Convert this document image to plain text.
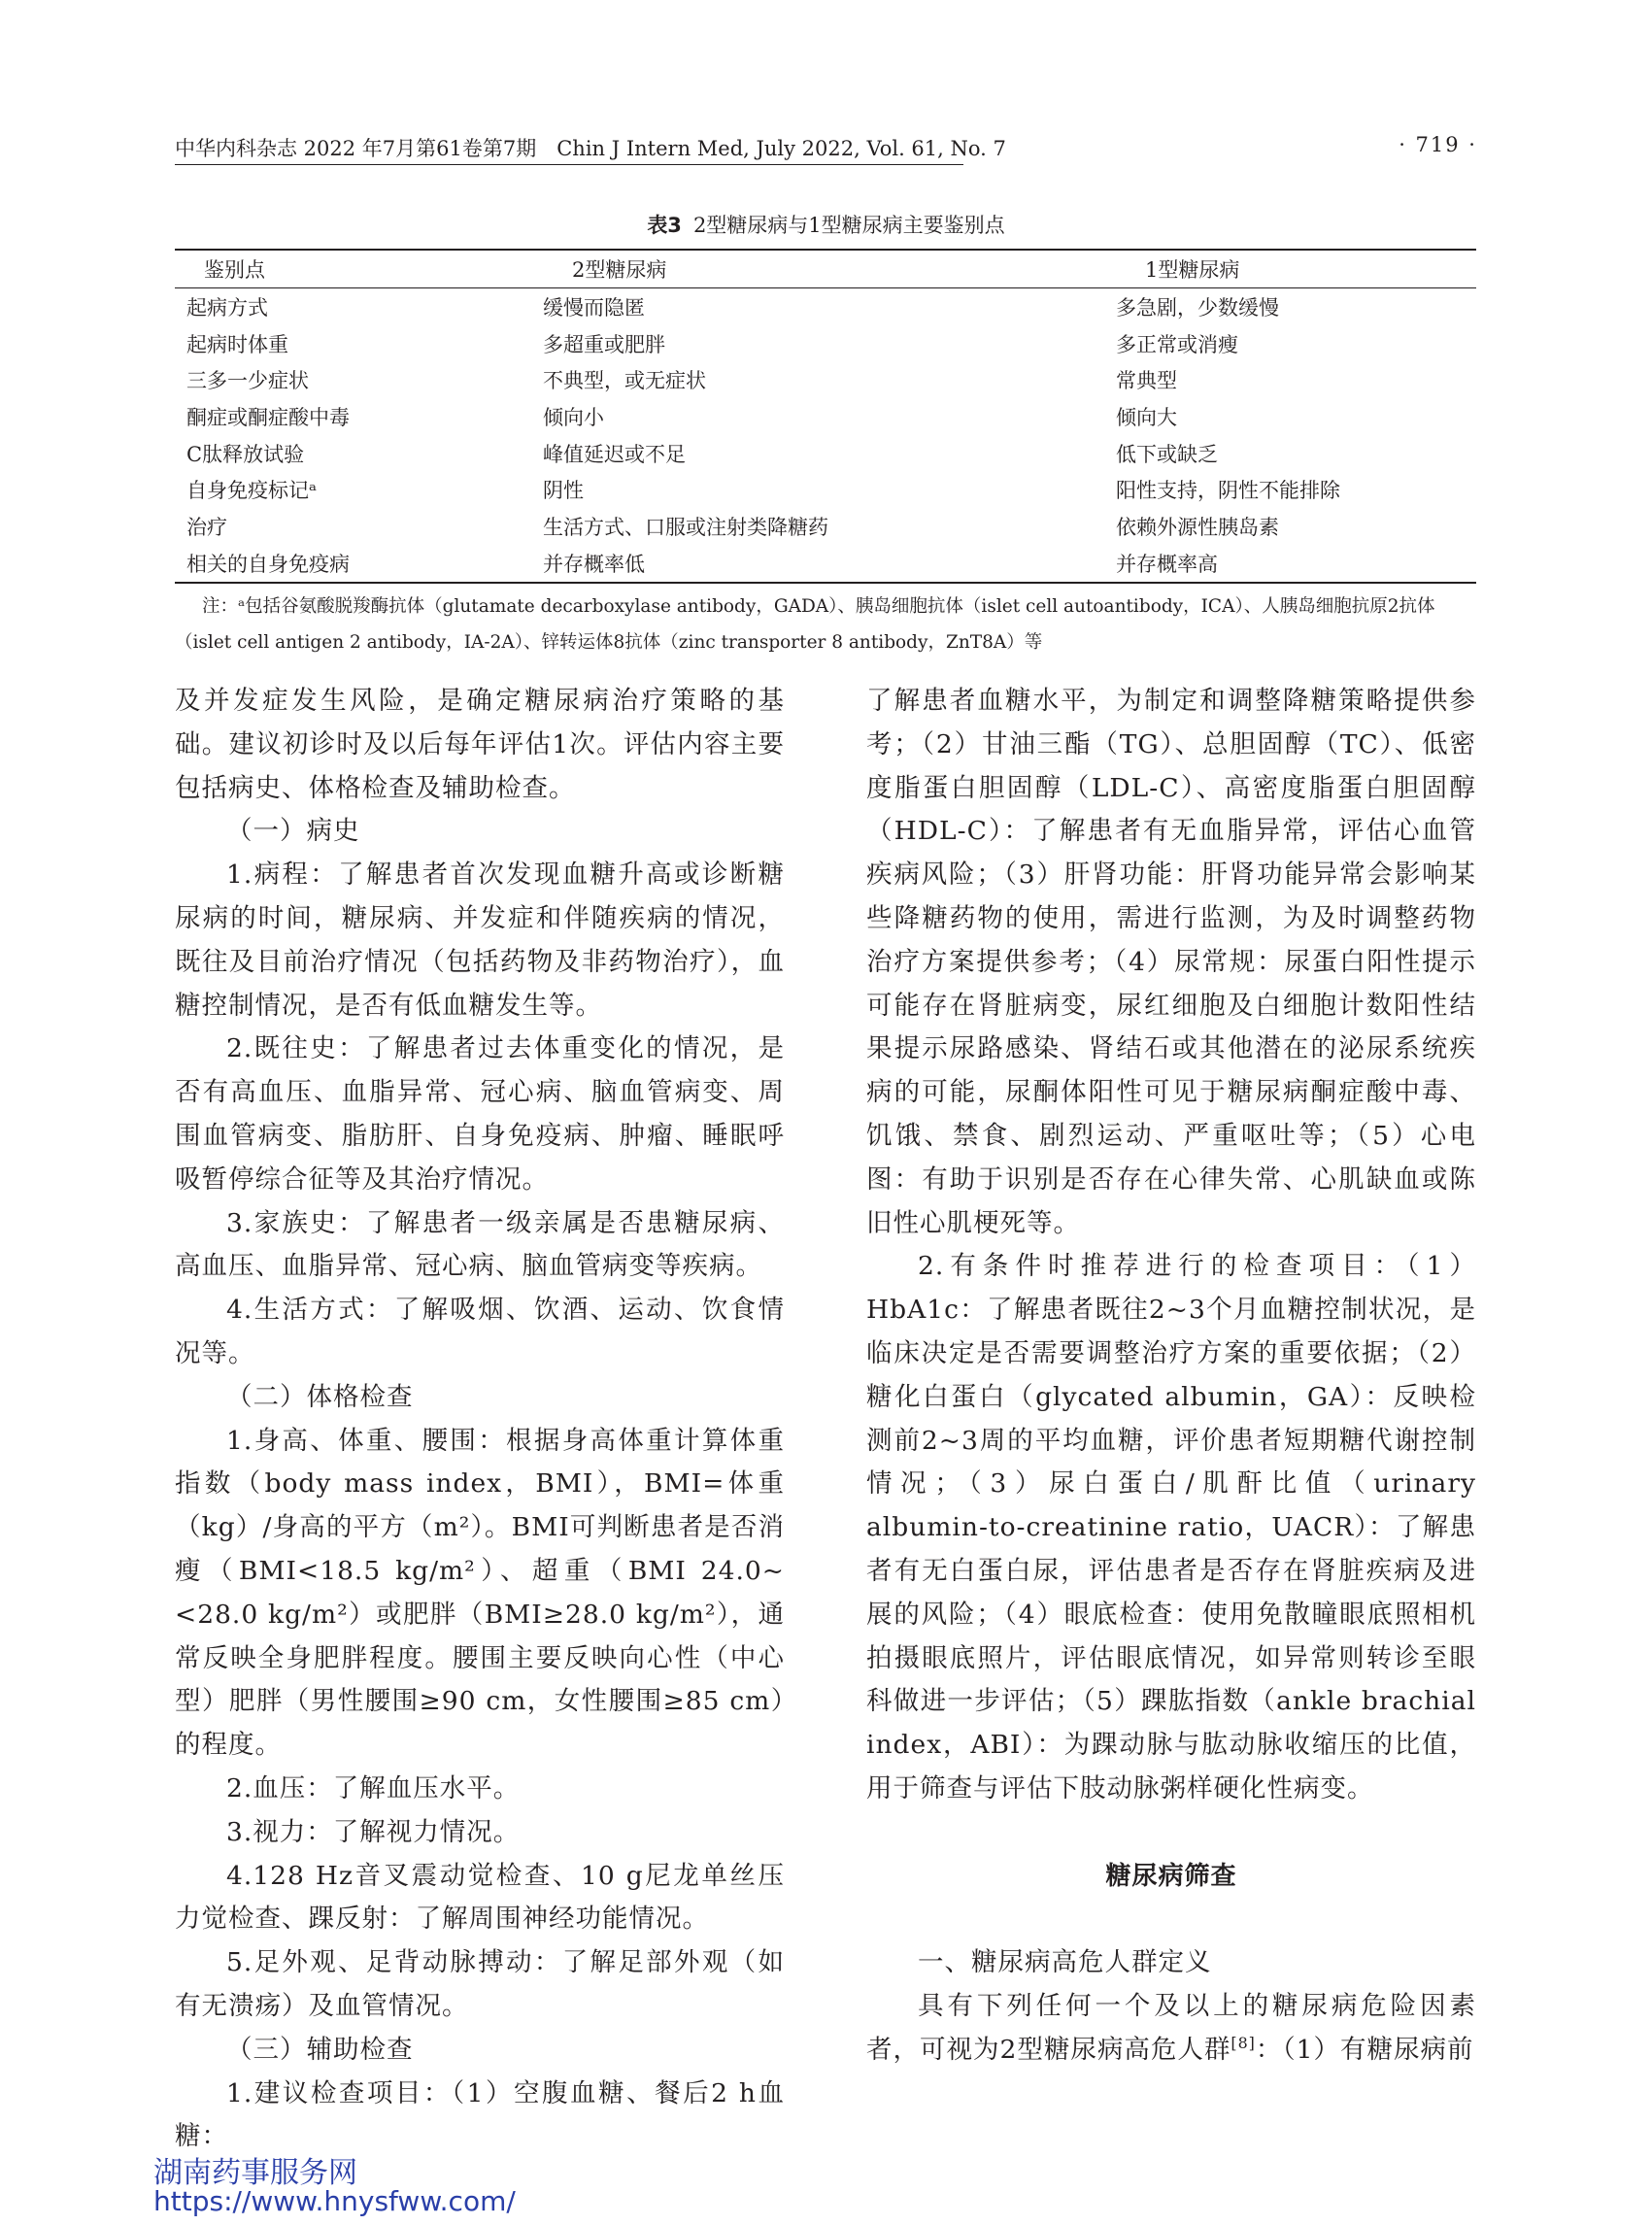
中华内科杂志 2022 年7月第61卷第7期　Chin J Intern Med, July 2022, Vol. 61, No. 7	· 719 ·
表3 2型糖尿病与1型糖尿病主要鉴别点
鉴别点	2型糖尿病	1型糖尿病
起病方式	缓慢而隐匿	多急剧，少数缓慢
起病时体重	多超重或肥胖	多正常或消瘦
三多一少症状	不典型，或无症状	常典型
酮症或酮症酸中毒	倾向小	倾向大
C肽释放试验	峰值延迟或不足	低下或缺乏
自身免疫标记ᵃ	阴性	阳性支持，阴性不能排除
治疗	生活方式、口服或注射类降糖药	依赖外源性胰岛素
相关的自身免疫病	并存概率低	并存概率高
注：ᵃ包括谷氨酸脱羧酶抗体（glutamate decarboxylase antibody，GADA）、胰岛细胞抗体（islet cell autoantibody，ICA）、人胰岛细胞抗原2抗体（islet cell antigen 2 antibody，IA-2A）、锌转运体8抗体（zinc transporter 8 antibody，ZnT8A）等

及并发症发生风险，是确定糖尿病治疗策略的基础。建议初诊时及以后每年评估1次。评估内容主要包括病史、体格检查及辅助检查。

（一）病史

1.病程：了解患者首次发现血糖升高或诊断糖尿病的时间，糖尿病、并发症和伴随疾病的情况，既往及目前治疗情况（包括药物及非药物治疗），血糖控制情况，是否有低血糖发生等。

2.既往史：了解患者过去体重变化的情况，是否有高血压、血脂异常、冠心病、脑血管病变、周围血管病变、脂肪肝、自身免疫病、肿瘤、睡眠呼吸暂停综合征等及其治疗情况。

3.家族史：了解患者一级亲属是否患糖尿病、高血压、血脂异常、冠心病、脑血管病变等疾病。

4.生活方式：了解吸烟、饮酒、运动、饮食情况等。

（二）体格检查

1.身高、体重、腰围：根据身高体重计算体重指数（body mass index，BMI），BMI=体重（kg）/身高的平方（m²）。BMI可判断患者是否消瘦（BMI<18.5 kg/m²）、超重（BMI 24.0~<28.0 kg/m²）或肥胖（BMI≥28.0 kg/m²），通常反映全身肥胖程度。腰围主要反映向心性（中心型）肥胖（男性腰围≥90 cm，女性腰围≥85 cm）的程度。

2.血压：了解血压水平。

3.视力：了解视力情况。

4.128 Hz音叉震动觉检查、10 g尼龙单丝压力觉检查、踝反射：了解周围神经功能情况。

5.足外观、足背动脉搏动：了解足部外观（如有无溃疡）及血管情况。

（三）辅助检查

1.建议检查项目：（1）空腹血糖、餐后2 h血糖：

了解患者血糖水平，为制定和调整降糖策略提供参考；（2）甘油三酯（TG）、总胆固醇（TC）、低密度脂蛋白胆固醇（LDL-C）、高密度脂蛋白胆固醇（HDL-C）：了解患者有无血脂异常，评估心血管疾病风险；（3）肝肾功能：肝肾功能异常会影响某些降糖药物的使用，需进行监测，为及时调整药物治疗方案提供参考；（4）尿常规：尿蛋白阳性提示可能存在肾脏病变，尿红细胞及白细胞计数阳性结果提示尿路感染、肾结石或其他潜在的泌尿系统疾病的可能，尿酮体阳性可见于糖尿病酮症酸中毒、饥饿、禁食、剧烈运动、严重呕吐等；（5）心电图：有助于识别是否存在心律失常、心肌缺血或陈旧性心肌梗死等。

2.有条件时推荐进行的检查项目：（1）HbA1c：了解患者既往2~3个月血糖控制状况，是临床决定是否需要调整治疗方案的重要依据；（2）糖化白蛋白（glycated albumin，GA）：反映检测前2~3周的平均血糖，评价患者短期糖代谢控制情况；（3）尿白蛋白/肌酐比值（urinary albumin-to-creatinine ratio，UACR）：了解患者有无白蛋白尿，评估患者是否存在肾脏疾病及进展的风险；（4）眼底检查：使用免散瞳眼底照相机拍摄眼底照片，评估眼底情况，如异常则转诊至眼科做进一步评估；（5）踝肱指数（ankle brachial index，ABI）：为踝动脉与肱动脉收缩压的比值，用于筛查与评估下肢动脉粥样硬化性病变。

糖尿病筛查

一、糖尿病高危人群定义

具有下列任何一个及以上的糖尿病危险因素者，可视为2型糖尿病高危人群[8]：（1）有糖尿病前

湖南药事服务网
https://www.hnysfww.com/
